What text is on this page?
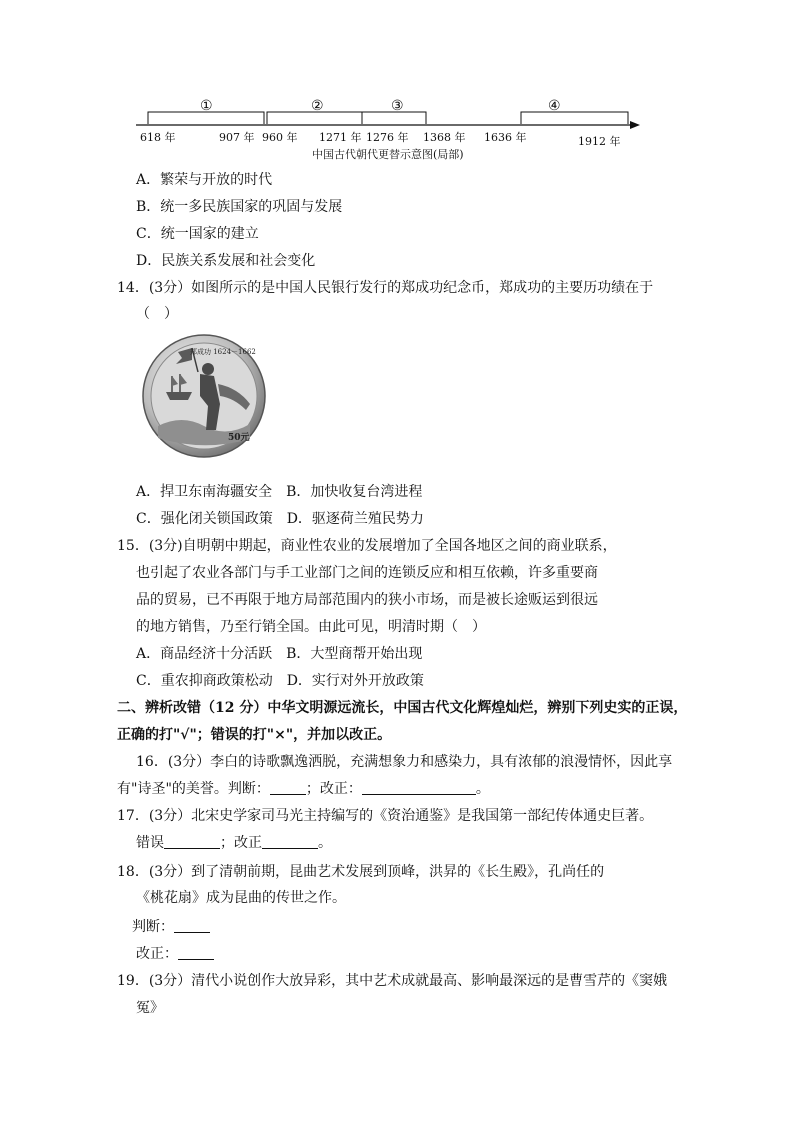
①	②	③	④
618 年	907 年 960 年 1271 年 1276 年 1368 年 1636 年	1912 年
中国古代朝代更替示意图(局部)
A．繁荣与开放的时代
B．统一多民族国家的巩固与发展
C．统一国家的建立
D．民族关系发展和社会变化
14．(3分）如图所示的是中国人民银行发行的郑成功纪念币，郑成功的主要历功绩在于
（　）
郑成功 1624－1662
50元
A．捍卫东南海疆安全　B．加快收复台湾进程
C．强化闭关锁国政策　D．驱逐荷兰殖民势力
15．(3分)自明朝中期起，商业性农业的发展增加了全国各地区之间的商业联系，
也引起了农业各部门与手工业部门之间的连锁反应和相互依赖，许多重要商
品的贸易，已不再限于地方局部范围内的狭小市场，而是被长途贩运到很远
的地方销售，乃至行销全国。由此可见，明清时期（　）
A．商品经济十分活跃　B．大型商帮开始出现
C．重农抑商政策松动　D．实行对外开放政策
二、辨析改错（12 分）中华文明源远流长，中国古代文化辉煌灿烂，辨别下列史实的正误，
正确的打"√"；错误的打"×"，并加以改正。
16．(3分）李白的诗歌飘逸洒脱，充满想象力和感染力，具有浓郁的浪漫情怀，因此享
有"诗圣"的美誉。判断：	；改正：	。
17．(3分）北宋史学家司马光主持编写的《资治通鉴》是我国第一部纪传体通史巨著。
错误	；改正	。
18．(3分）到了清朝前期，昆曲艺术发展到顶峰，洪昇的《长生殿》，孔尚任的
《桃花扇》成为昆曲的传世之作。
判断：
改正：
19．(3分）清代小说创作大放异彩，其中艺术成就最高、影响最深远的是曹雪芹的《窦娥
冤》
